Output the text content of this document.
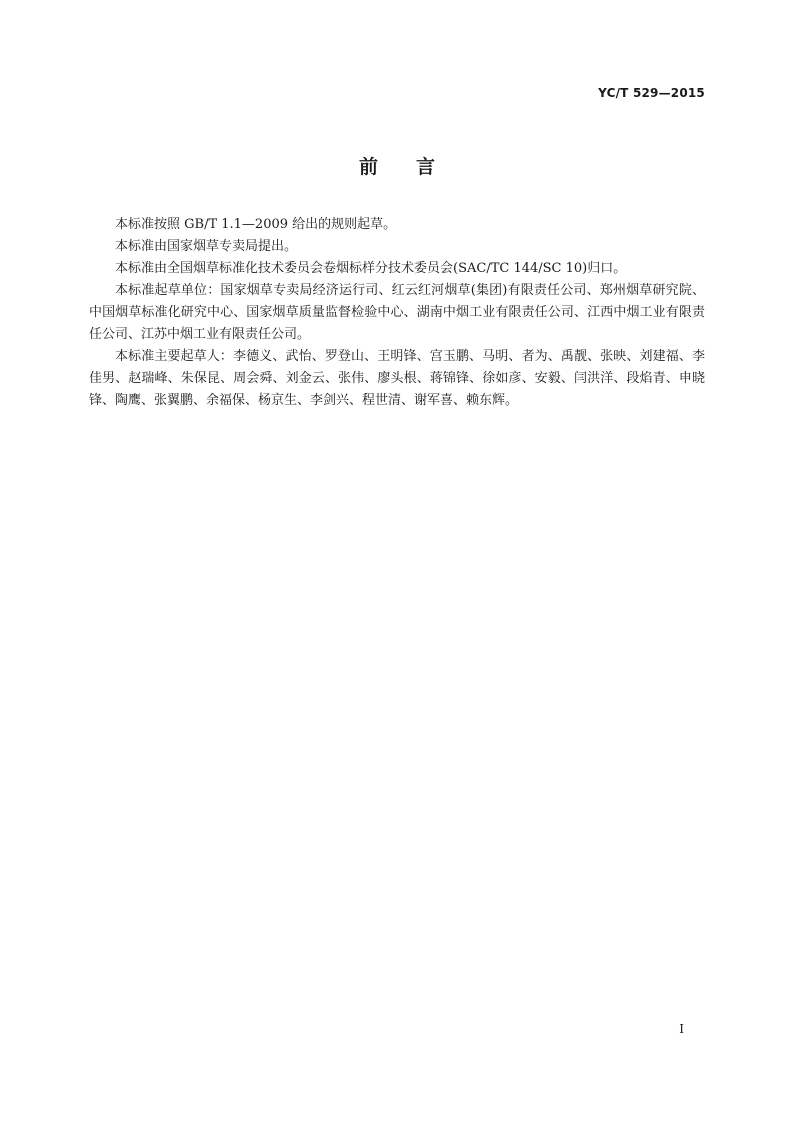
YC/T 529—2015
前言

本标准按照 GB/T 1.1—2009 给出的规则起草。

本标准由国家烟草专卖局提出。

本标准由全国烟草标准化技术委员会卷烟标样分技术委员会(SAC/TC 144/SC 10)归口。

本标准起草单位：国家烟草专卖局经济运行司、红云红河烟草(集团)有限责任公司、郑州烟草研究院、中国烟草标准化研究中心、国家烟草质量监督检验中心、湖南中烟工业有限责任公司、江西中烟工业有限责任公司、江苏中烟工业有限责任公司。

本标准主要起草人：李德义、武怡、罗登山、王明锋、宫玉鹏、马明、者为、禹靓、张映、刘建福、李佳男、赵瑞峰、朱保昆、周会舜、刘金云、张伟、廖头根、蒋锦锋、徐如彦、安毅、闫洪洋、段焰青、申晓锋、陶鹰、张翼鹏、余福保、杨京生、李剑兴、程世清、谢军喜、赖东辉。

I
